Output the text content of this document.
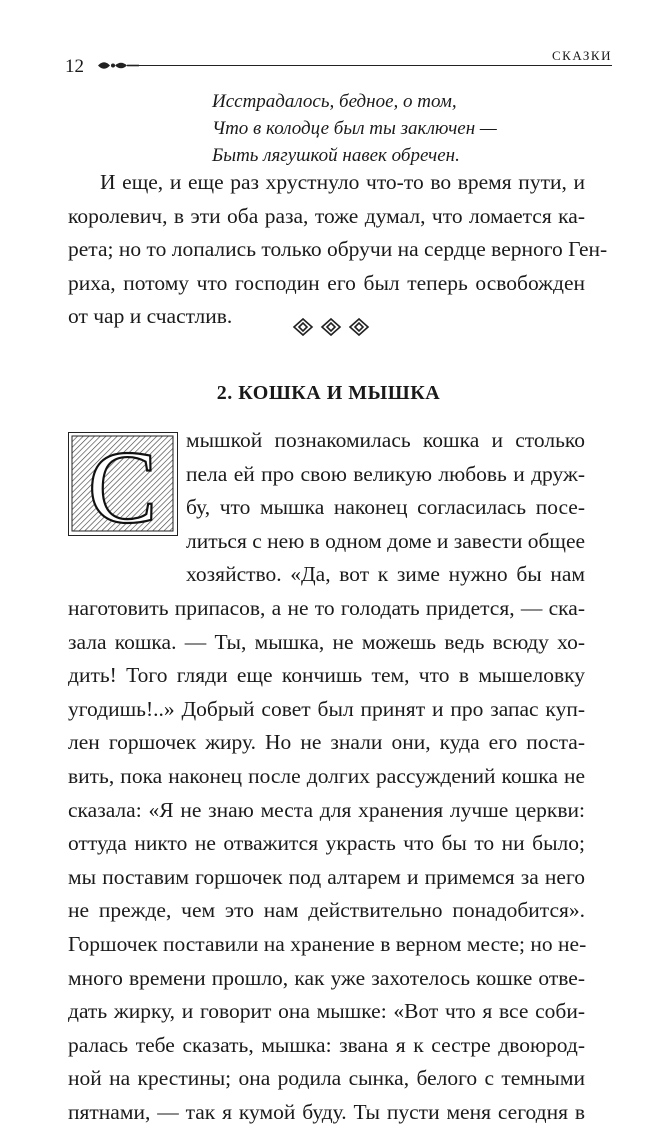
12
СКАЗКИ
Исстрадалось, бедное, о том,
Что в колодце был ты заключен —
Быть лягушкой навек обречен.
И еще, и еще раз хрустнуло что-то во время пути, и
королевич, в эти оба раза, тоже думал, что ломается ка-
рета; но то лопались только обручи на сердце верного Ген-
риха, потому что господин его был теперь освобожден
от чар и счастлив.
2. КОШКА И МЫШКА
С мышкой познакомилась кошка и столько
пела ей про свою великую любовь и друж-
бу, что мышка наконец согласилась посе-
литься с нею в одном доме и завести общее
хозяйство. «Да, вот к зиме нужно бы нам
наготовить припасов, а не то голодать придется, — ска-
зала кошка. — Ты, мышка, не можешь ведь всюду хо-
дить! Того гляди еще кончишь тем, что в мышеловку
угодишь!..» Добрый совет был принят и про запас куп-
лен горшочек жиру. Но не знали они, куда его поста-
вить, пока наконец после долгих рассуждений кошка не
сказала: «Я не знаю места для хранения лучше церкви:
оттуда никто не отважится украсть что бы то ни было;
мы поставим горшочек под алтарем и примемся за него
не прежде, чем это нам действительно понадобится».
Горшочек поставили на хранение в верном месте; но не-
много времени прошло, как уже захотелось кошке отве-
дать жирку, и говорит она мышке: «Вот что я все соби-
ралась тебе сказать, мышка: звана я к сестре двоюрод-
ной на крестины; она родила сынка, белого с темными
пятнами, — так я кумой буду. Ты пусти меня сегодня в
